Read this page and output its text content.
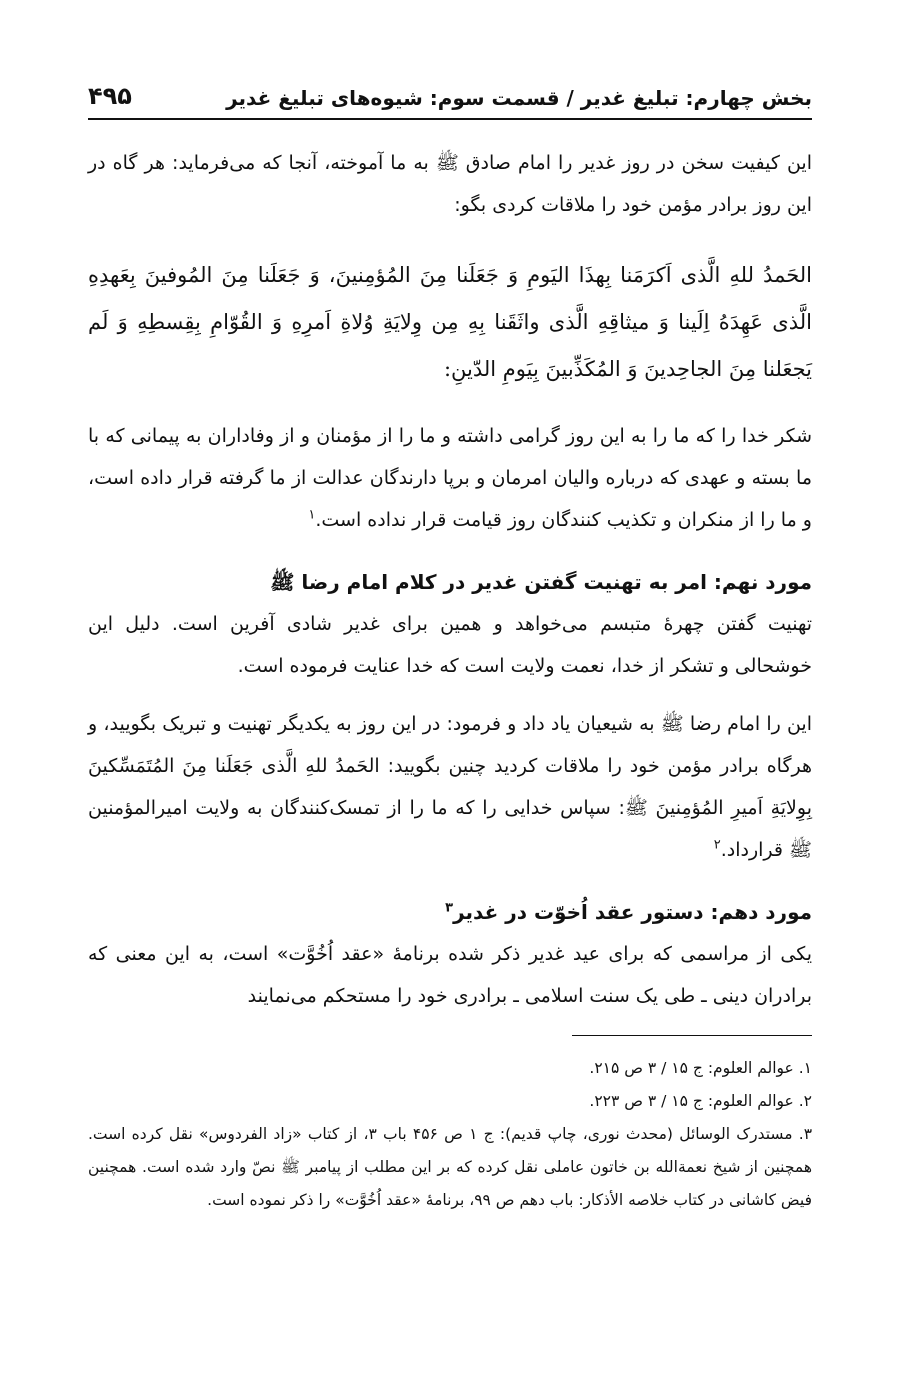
بخش چهارم: تبلیغ غدیر / قسمت سوم: شیوه‌های تبلیغ غدیر
۴۹۵

این کیفیت سخن در روز غدیر را امام صادق ﷺ به ما آموخته، آنجا که می‌فرماید: هر گاه در این روز برادر مؤمن خود را ملاقات کردی بگو:

الحَمدُ للهِ الَّذی اَکرَمَنا بِهذَا الیَومِ وَ جَعَلَنا مِنَ المُؤمِنینَ، وَ جَعَلَنا مِنَ المُوفینَ بِعَهدِهِ الَّذی عَهِدَهُ اِلَینا وَ میثاقِهِ الَّذی واثَقَنا بِهِ مِن وِلایَةِ وُلاةِ اَمرِهِ وَ القُوّامِ بِقِسطِهِ وَ لَم یَجعَلنا مِنَ الجاحِدینَ وَ المُکَذِّبینَ بِیَومِ الدّینِ:

شکر خدا را که ما را به این روز گرامی داشته و ما را از مؤمنان و از وفاداران به پیمانی که با ما بسته و عهدی که درباره والیان امرمان و برپا دارندگان عدالت از ما گرفته قرار داده است، و ما را از منکران و تکذیب کنندگان روز قیامت قرار نداده است.$^۱$

مورد نهم: امر به تهنیت گفتن غدیر در کلام امام رضا ﷺ

تهنیت گفتن چهرهٔ متبسم می‌خواهد و همین برای غدیر شادی آفرین است. دلیل این خوشحالی و تشکر از خدا، نعمت ولایت است که خدا عنایت فرموده است.

این را امام رضا ﷺ به شیعیان یاد داد و فرمود: در این روز به یکدیگر تهنیت و تبریک بگویید، و هرگاه برادر مؤمن خود را ملاقات کردید چنین بگویید: الحَمدُ للهِ الَّذی جَعَلَنا مِنَ المُتَمَسِّکینَ بِوِلایَةِ اَمیرِ المُؤمِنینَ ﷺ: سپاس خدایی را که ما را از تمسک‌کنندگان به ولایت امیرالمؤمنین ﷺ قرارداد.$^۲$

مورد دهم: دستور عقد اُخوّت در غدیر$^۳$

یکی از مراسمی که برای عید غدیر ذکر شده برنامهٔ «عقد اُخُوَّت» است، به این معنی که برادران دینی ـ طی یک سنت اسلامی ـ برادری خود را مستحکم می‌نمایند

۱. عوالم العلوم: ج ۱۵ / ۳ ص ۲۱۵.

۲. عوالم العلوم: ج ۱۵ / ۳ ص ۲۲۳.

۳. مستدرک الوسائل (محدث نوری، چاپ قدیم): ج ۱ ص ۴۵۶ باب ۳، از کتاب «زاد الفردوس» نقل کرده است. همچنین از شیخ نعمة‌الله بن خاتون عاملی نقل کرده که بر این مطلب از پیامبر ﷺ نصّ وارد شده است. همچنین فیض کاشانی در کتاب خلاصه الأذکار: باب دهم ص ۹۹، برنامهٔ «عقد اُخُوَّت» را ذکر نموده است.
